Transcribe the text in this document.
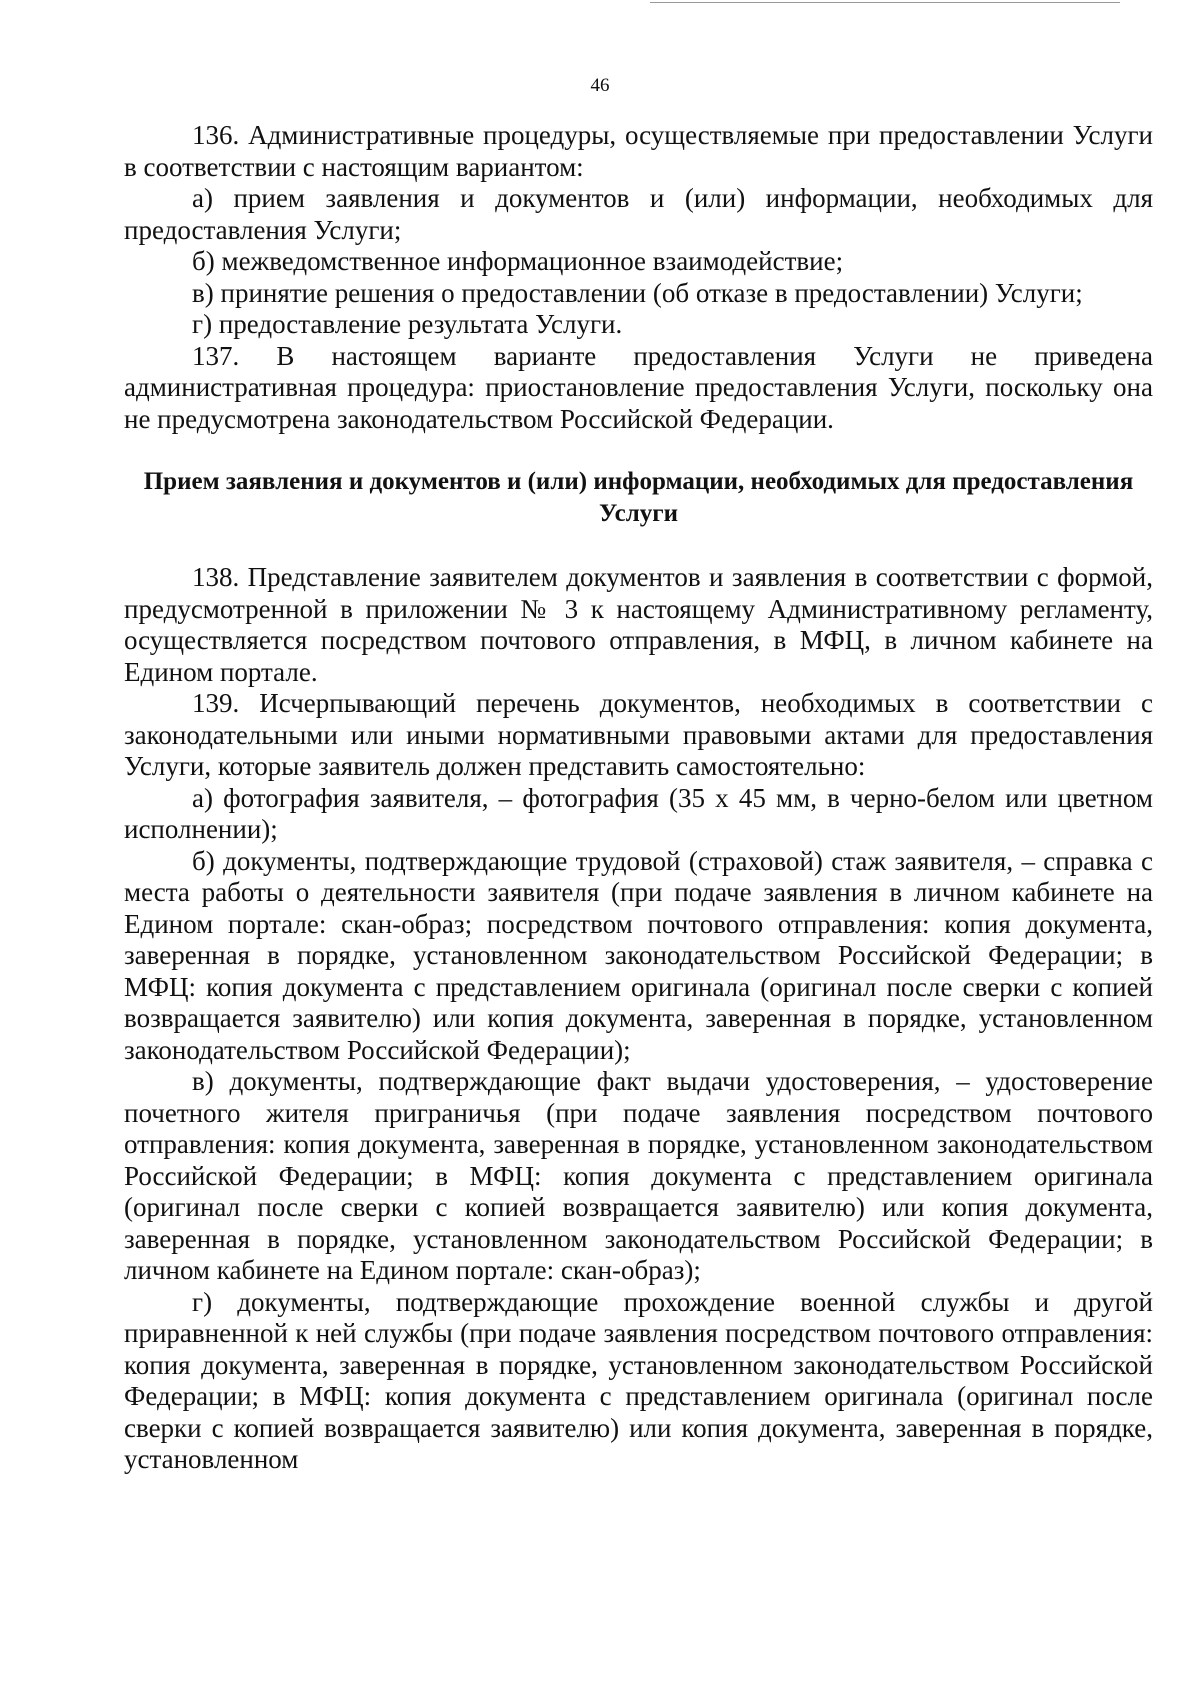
46

136. Административные процедуры, осуществляемые при предоставлении Услуги в соответствии с настоящим вариантом:

а) прием заявления и документов и (или) информации, необходимых для предоставления Услуги;

б) межведомственное информационное взаимодействие;

в) принятие решения о предоставлении (об отказе в предоставлении) Услуги;

г) предоставление результата Услуги.

137. В настоящем варианте предоставления Услуги не приведена административная процедура: приостановление предоставления Услуги, поскольку она не предусмотрена законодательством Российской Федерации.

Прием заявления и документов и (или) информации, необходимых для предоставления Услуги

138. Представление заявителем документов и заявления в соответствии с формой, предусмотренной в приложении № 3 к настоящему Административному регламенту, осуществляется посредством почтового отправления, в МФЦ, в личном кабинете на Едином портале.

139. Исчерпывающий перечень документов, необходимых в соответствии с законодательными или иными нормативными правовыми актами для предоставления Услуги, которые заявитель должен представить самостоятельно:

а) фотография заявителя, – фотография (35 х 45 мм, в черно-белом или цветном исполнении);

б) документы, подтверждающие трудовой (страховой) стаж заявителя, – справка с места работы о деятельности заявителя (при подаче заявления в личном кабинете на Едином портале: скан-образ; посредством почтового отправления: копия документа, заверенная в порядке, установленном законодательством Российской Федерации; в МФЦ: копия документа с представлением оригинала (оригинал после сверки с копией возвращается заявителю) или копия документа, заверенная в порядке, установленном законодательством Российской Федерации);

в) документы, подтверждающие факт выдачи удостоверения, – удостоверение почетного жителя приграничья (при подаче заявления посредством почтового отправления: копия документа, заверенная в порядке, установленном законодательством Российской Федерации; в МФЦ: копия документа с представлением оригинала (оригинал после сверки с копией возвращается заявителю) или копия документа, заверенная в порядке, установленном законодательством Российской Федерации; в личном кабинете на Едином портале: скан-образ);

г) документы, подтверждающие прохождение военной службы и другой приравненной к ней службы (при подаче заявления посредством почтового отправления: копия документа, заверенная в порядке, установленном законодательством Российской Федерации; в МФЦ: копия документа с представлением оригинала (оригинал после сверки с копией возвращается заявителю) или копия документа, заверенная в порядке, установленном
